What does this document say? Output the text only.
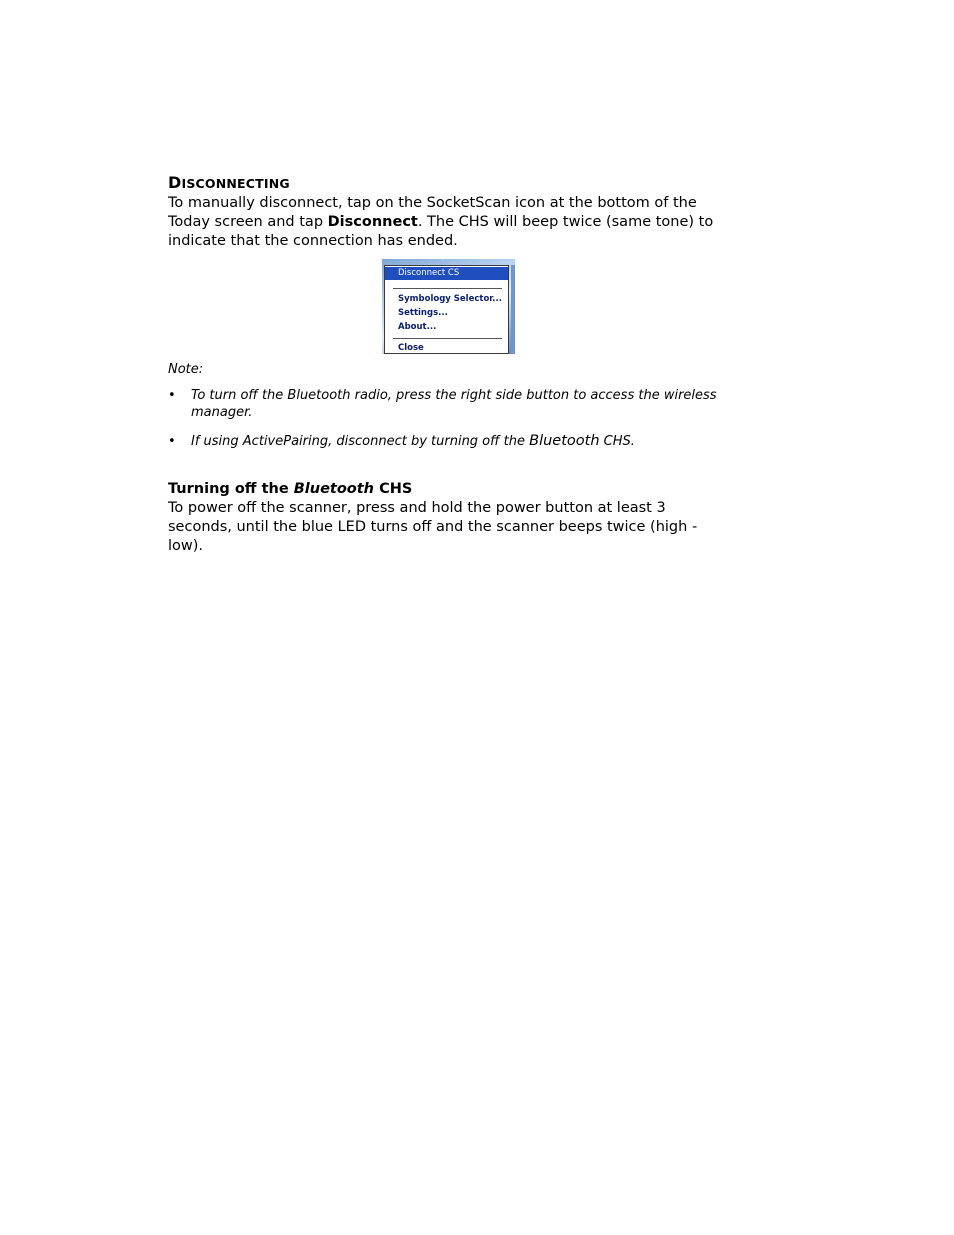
DISCONNECTING

To manually disconnect, tap on the SocketScan icon at the bottom of the Today screen and tap Disconnect. The CHS will beep twice (same tone) to indicate that the connection has ended.

Disconnect CS
Symbology Selector...
Settings...
About...
Close

Note:

• To turn off the Bluetooth radio, press the right side button to access the wireless manager.
• If using ActivePairing, disconnect by turning off the Bluetooth CHS.

Turning off the Bluetooth CHS

To power off the scanner, press and hold the power button at least 3 seconds, until the blue LED turns off and the scanner beeps twice (high - low).
